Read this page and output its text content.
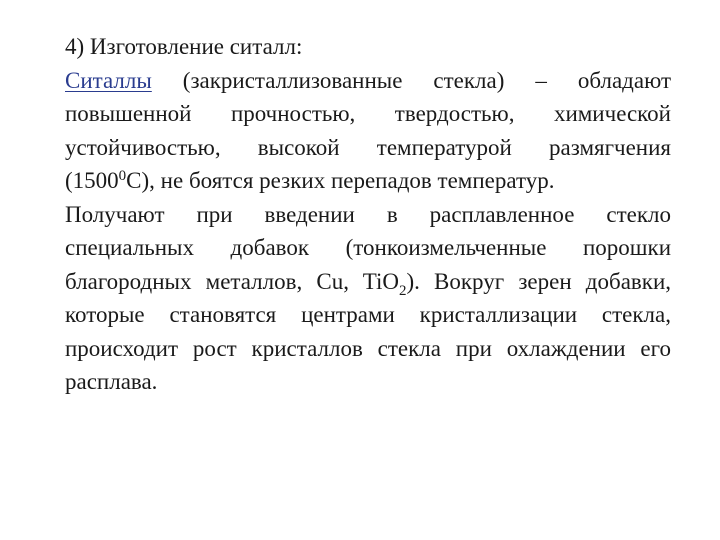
4) Изготовление ситалл:

Ситаллы (закристаллизованные стекла) – обладают повышенной прочностью, твердостью, химической устойчивостью, высокой температурой размягчения (1500$^0$С), не боятся резких перепадов температур.

Получают при введении в расплавленное стекло специальных добавок (тонкоизмельченные порошки благородных металлов, Cu, TiO$_2$). Вокруг зерен добавки, которые становятся центрами кристаллизации стекла, происходит рост кристаллов стекла при охлаждении его расплава.
